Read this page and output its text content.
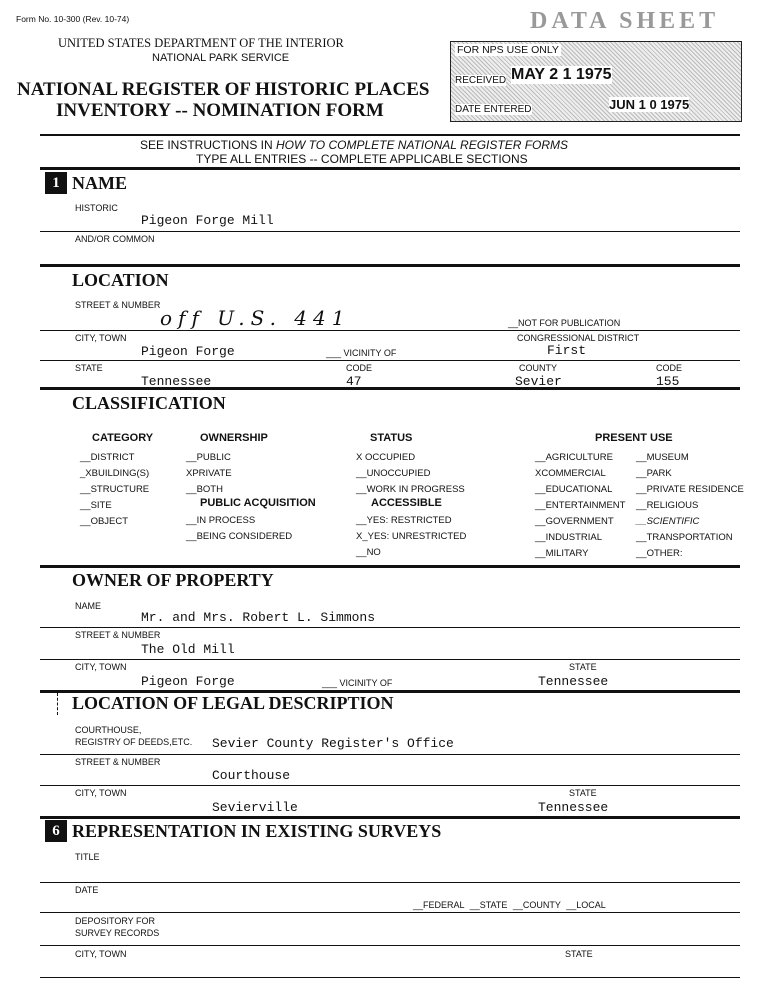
Form No. 10-300 (Rev. 10-74)
UNITED STATES DEPARTMENT OF THE INTERIOR
NATIONAL PARK SERVICE
NATIONAL REGISTER OF HISTORIC PLACES
INVENTORY -- NOMINATION FORM
DATA SHEET
FOR NPS USE ONLY
RECEIVED MAY 2 1 1975
DATE ENTERED	JUN 1 0 1975
SEE INSTRUCTIONS IN HOW TO COMPLETE NATIONAL REGISTER FORMS
TYPE ALL ENTRIES -- COMPLETE APPLICABLE SECTIONS
1 NAME
HISTORIC
Pigeon Forge Mill
AND/OR COMMON
LOCATION
STREET & NUMBER
off U.S. 441	__NOT FOR PUBLICATION
CITY, TOWN	CONGRESSIONAL DISTRICT
Pigeon Forge	___ VICINITY OF	First
STATE	CODE	COUNTY	CODE
Tennessee	47	Sevier	155
CLASSIFICATION
CATEGORY
__DISTRICT
_XBUILDING(S)
__STRUCTURE
__SITE
__OBJECT
OWNERSHIP
__PUBLIC
XPRIVATE
__BOTH
PUBLIC ACQUISITION
__IN PROCESS
__BEING CONSIDERED
STATUS
X OCCUPIED
__UNOCCUPIED
__WORK IN PROGRESS
ACCESSIBLE
__YES: RESTRICTED
X_YES: UNRESTRICTED
__NO
PRESENT USE
__AGRICULTURE
XCOMMERCIAL
__EDUCATIONAL
__ENTERTAINMENT
__GOVERNMENT
__INDUSTRIAL
__MILITARY
__MUSEUM
__PARK
__PRIVATE RESIDENCE
__RELIGIOUS
__SCIENTIFIC
__TRANSPORTATION
__OTHER:
OWNER OF PROPERTY
NAME
Mr. and Mrs. Robert L. Simmons
STREET & NUMBER
The Old Mill
CITY, TOWN	STATE
Pigeon Forge	___ VICINITY OF	Tennessee
LOCATION OF LEGAL DESCRIPTION
COURTHOUSE,
REGISTRY OF DEEDS,ETC. Sevier County Register's Office
STREET & NUMBER
Courthouse
CITY, TOWN	STATE
Sevierville	Tennessee
6 REPRESENTATION IN EXISTING SURVEYS
TITLE
DATE
__FEDERAL __STATE __COUNTY __LOCAL
DEPOSITORY FOR
SURVEY RECORDS
CITY, TOWN	STATE
